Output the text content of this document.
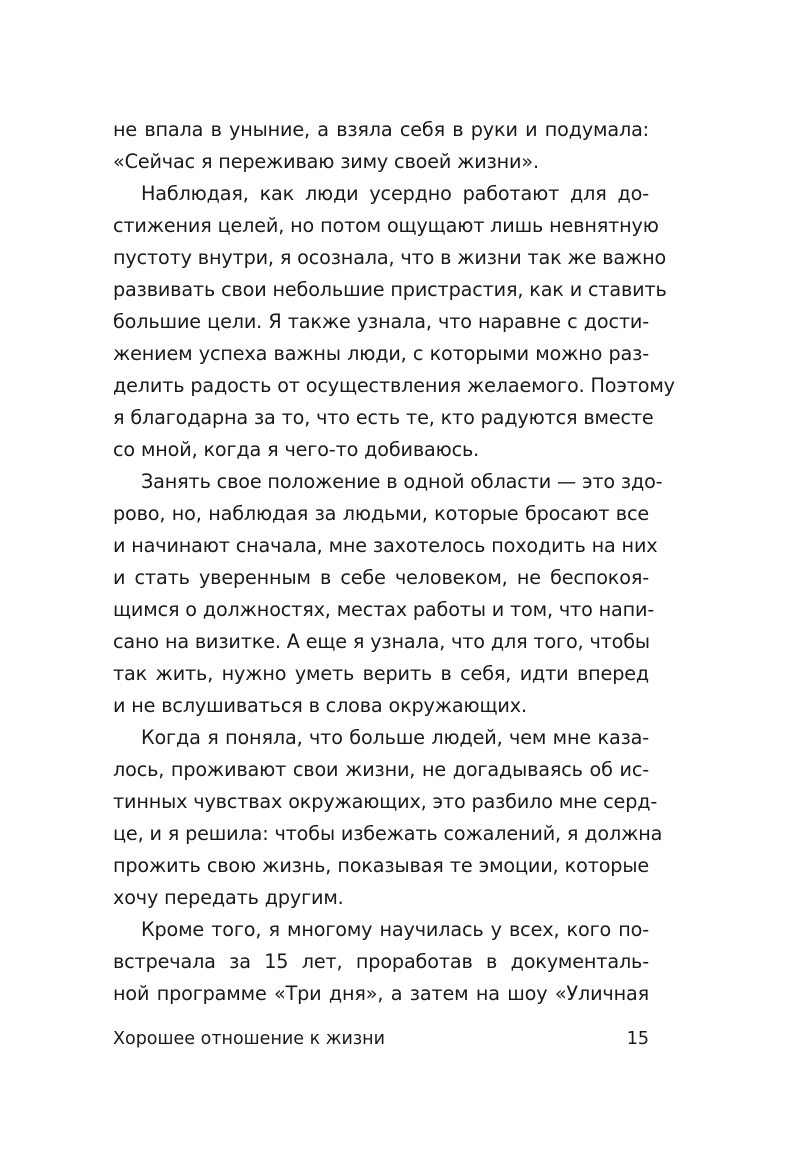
не впала в уныние, а взяла себя в руки и подумала:
«Сейчас я переживаю зиму своей жизни».
Наблюдая, как люди усердно работают для до-
стижения целей, но потом ощущают лишь невнятную
пустоту внутри, я осознала, что в жизни так же важно
развивать свои небольшие пристрастия, как и ставить
большие цели. Я также узнала, что наравне с дости-
жением успеха важны люди, с которыми можно раз-
делить радость от осуществления желаемого. Поэтому
я благодарна за то, что есть те, кто радуются вместе
со мной, когда я чего-то добиваюсь.
Занять свое положение в одной области — это здо-
рово, но, наблюдая за людьми, которые бросают все
и начинают сначала, мне захотелось походить на них
и стать уверенным в себе человеком, не беспокоя-
щимся о должностях, местах работы и том, что напи-
сано на визитке. А еще я узнала, что для того, чтобы
так жить, нужно уметь верить в себя, идти вперед
и не вслушиваться в слова окружающих.
Когда я поняла, что больше людей, чем мне каза-
лось, проживают свои жизни, не догадываясь об ис-
тинных чувствах окружающих, это разбило мне серд-
це, и я решила: чтобы избежать сожалений, я должна
прожить свою жизнь, показывая те эмоции, которые
хочу передать другим.
Кроме того, я многому научилась у всех, кого по-
встречала за 15 лет, проработав в документаль-
ной программе «Три дня», а затем на шоу «Уличная
Хорошее отношение к жизни	15
